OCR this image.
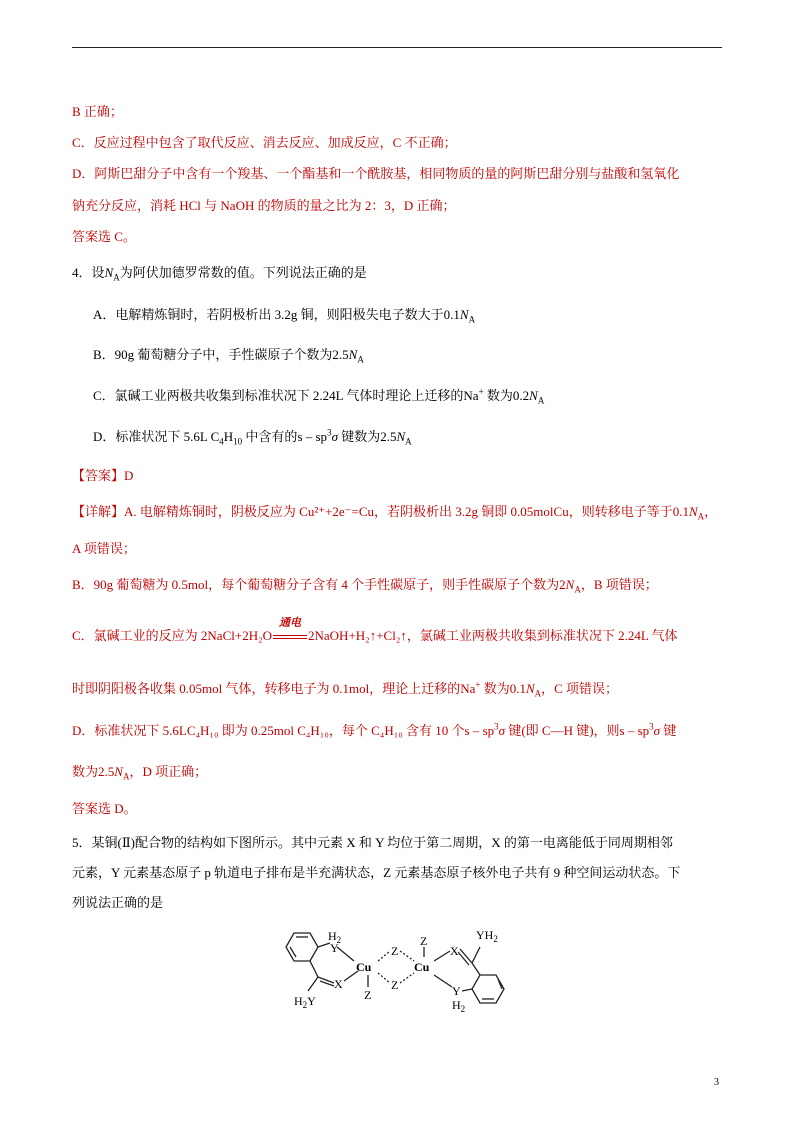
B 正确；
C．反应过程中包含了取代反应、消去反应、加成反应，C 不正确；
D．阿斯巴甜分子中含有一个羧基、一个酯基和一个酰胺基，相同物质的量的阿斯巴甜分别与盐酸和氢氧化
钠充分反应，消耗 HCl 与 NaOH 的物质的量之比为 2：3，D 正确；
答案选 C。
4．设$N_A$为阿伏加德罗常数的值。下列说法正确的是
A．电解精炼铜时，若阴极析出 3.2g 铜，则阳极失电子数大于$0.1N_A$
B．90g 葡萄糖分子中，手性碳原子个数为$2.5N_A$
C．氯碱工业两极共收集到标准状况下 2.24L 气体时理论上迁移的Na+ 数为$0.2N_A$
D．标准状况下 5.6L $C_4H_{10}$ 中含有的s – $sp^3\sigma$ 键数为$2.5N_A$
【答案】D
【详解】A. 电解精炼铜时，阴极反应为 Cu²⁺+2e⁻=Cu，若阴极析出 3.2g 铜即 0.05molCu，则转移电子等于$0.1N_A$，
A 项错误；
B．90g 葡萄糖为 0.5mol，每个葡萄糖分子含有 4 个手性碳原子，则手性碳原子个数为$2N_A$，B 项错误；
C．氯碱工业的反应为 2NaCl+2H₂O
通电
2NaOH+H₂↑+Cl₂↑，氯碱工业两极共收集到标准状况下 2.24L 气体
时即阴阳极各收集 0.05mol 气体，转移电子为 0.1mol，理论上迁移的Na+ 数为$0.1N_A$，C 项错误；
D．标准状况下 5.6LC₄H₁₀ 即为 0.25mol C₄H₁₀，每个 C₄H₁₀ 含有 10 个s – $sp^3\sigma$ 键(即 C—H 键)，则s – $sp^3\sigma$ 键
数为$2.5N_A$，D 项正确；
答案选 D。
5．某铜(Ⅱ)配合物的结构如下图所示。其中元素 X 和 Y 均位于第二周期，X 的第一电离能低于同周期相邻
元素，Y 元素基态原子 p 轨道电子排布是半充满状态，Z 元素基态原子核外电子共有 9 种空间运动状态。下
列说法正确的是
$H_2$
Y
Cu
Z
Z
Cu
Z
Z
X
$H_2Y$
X
$YH_2$
Y
$H_2$
3
